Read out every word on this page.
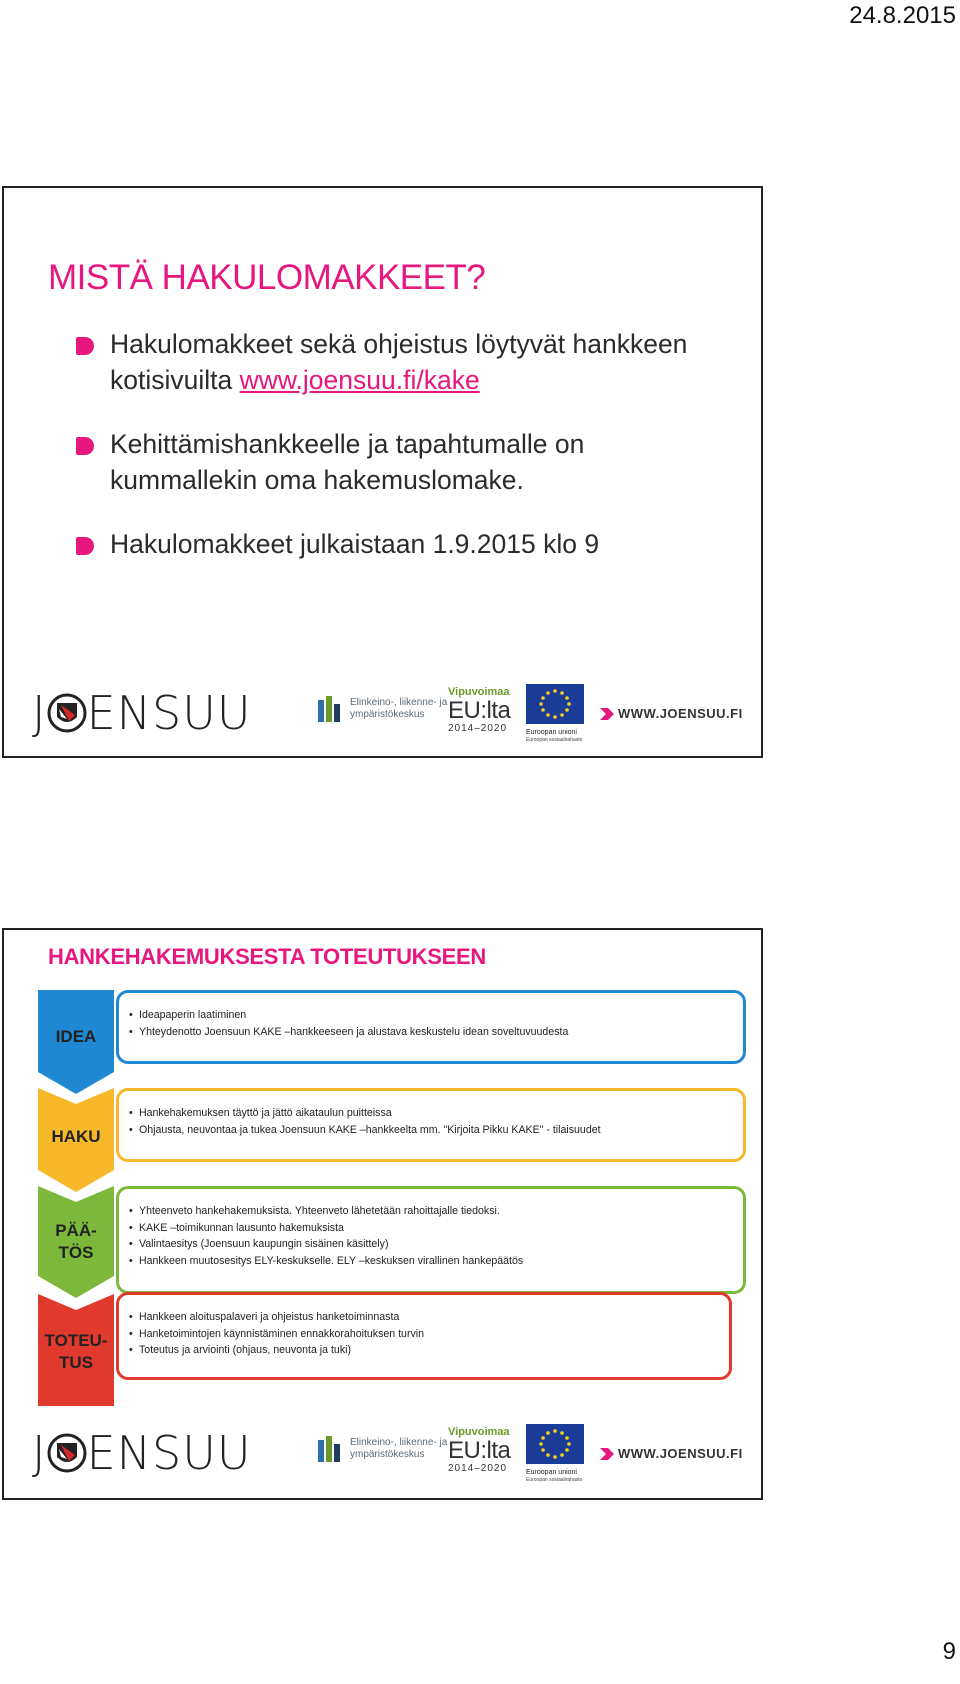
24.8.2015
MISTÄ HAKULOMAKKEET?
Hakulomakkeet sekä ohjeistus löytyvät hankkeen kotisivuilta www.joensuu.fi/kake
Kehittämishankkeelle ja tapahtumalle on kummallekin oma hakemuslomake.
Hakulomakkeet julkaistaan 1.9.2015 klo 9
J ENSUU	Elinkeino-, liikenne- ja
ympäristökeskus
Vipuvoimaa
EU:lta
2014–2020	Euroopan unioni
Euroopan sosiaalirahasto
WWW.JOENSUU.FI
HANKEHAKEMUKSESTA TOTEUTUKSEEN
IDEA
• Ideapaperin laatiminen
• Yhteydenotto Joensuun KAKE –hankkeeseen ja alustava keskustelu idean soveltuvuudesta
HAKU
• Hankehakemuksen täyttö ja jättö aikataulun puitteissa
• Ohjausta, neuvontaa ja tukea Joensuun KAKE –hankkeelta mm. "Kirjoita Pikku KAKE" - tilaisuudet
PÄÄ-
TÖS
• Yhteenveto hankehakemuksista. Yhteenveto lähetetään rahoittajalle tiedoksi.
• KAKE –toimikunnan lausunto hakemuksista
• Valintaesitys (Joensuun kaupungin sisäinen käsittely)
• Hankkeen muutosesitys ELY-keskukselle. ELY –keskuksen virallinen hankepäätös
TOTEU-
TUS
• Hankkeen aloituspalaveri ja ohjeistus hanketoiminnasta
• Hanketoimintojen käynnistäminen ennakkorahoituksen turvin
• Toteutus ja arviointi (ohjaus, neuvonta ja tuki)
J ENSUU	Elinkeino-, liikenne- ja
ympäristökeskus
Vipuvoimaa
EU:lta
2014–2020	Euroopan unioni
Euroopan sosiaalirahasto
WWW.JOENSUU.FI
9
